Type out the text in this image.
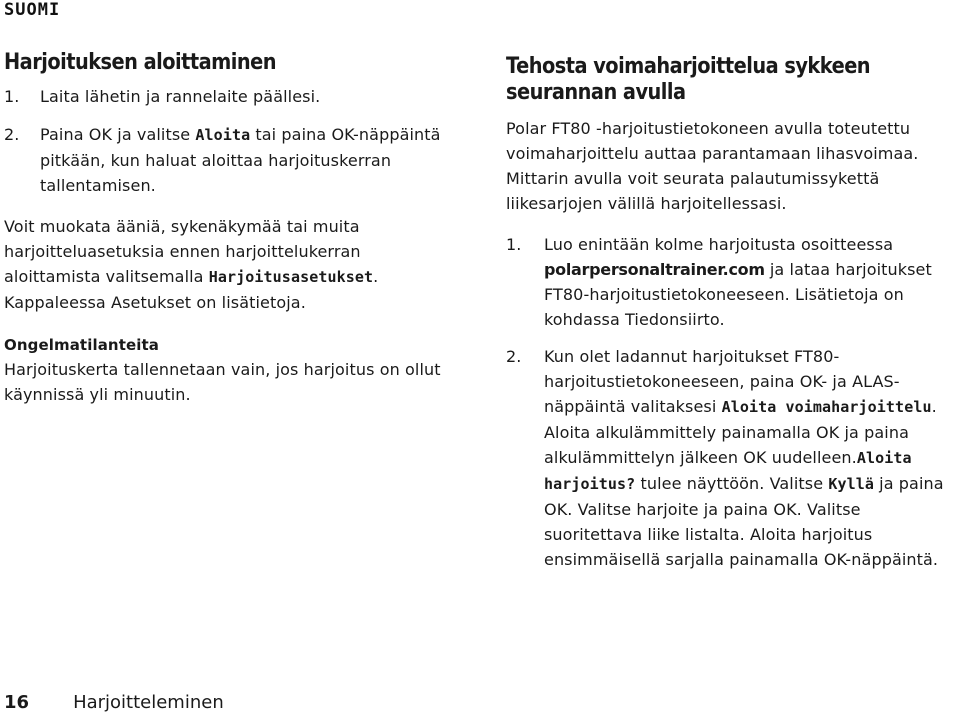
SUOMI
Harjoituksen aloittaminen
1.	Laita lähetin ja rannelaite päällesi.
2.	Paina OK ja valitse Aloita tai paina OK-näppäintä pitkään, kun haluat aloittaa harjoituskerran tallentamisen.

Voit muokata ääniä, sykenäkymää tai muita harjoitteluasetuksia ennen harjoittelukerran aloittamista valitsemalla Harjoitusasetukset. Kappaleessa Asetukset on lisätietoja.

Ongelmatilanteita

Harjoituskerta tallennetaan vain, jos harjoitus on ollut käynnissä yli minuutin.

Tehosta voimaharjoittelua sykkeen
seurannan avulla

Polar FT80 -harjoitustietokoneen avulla toteutettu voimaharjoittelu auttaa parantamaan lihasvoimaa. Mittarin avulla voit seurata palautumissykettä liikesarjojen välillä harjoitellessasi.

1.	Luo enintään kolme harjoitusta osoitteessa polarpersonaltrainer.com ja lataa harjoitukset FT80-harjoitustietokoneeseen. Lisätietoja on kohdassa Tiedonsiirto.
2.	Kun olet ladannut harjoitukset FT80-harjoitustietokoneeseen, paina OK- ja ALAS-näppäintä valitaksesi Aloita voimaharjoittelu. Aloita alkulämmittely painamalla OK ja paina alkulämmittelyn jälkeen OK uudelleen.Aloita harjoitus? tulee näyttöön. Valitse Kyllä ja paina OK. Valitse harjoite ja paina OK. Valitse suoritettava liike listalta. Aloita harjoitus ensimmäisellä sarjalla painamalla OK-näppäintä.
16 Harjoitteleminen
